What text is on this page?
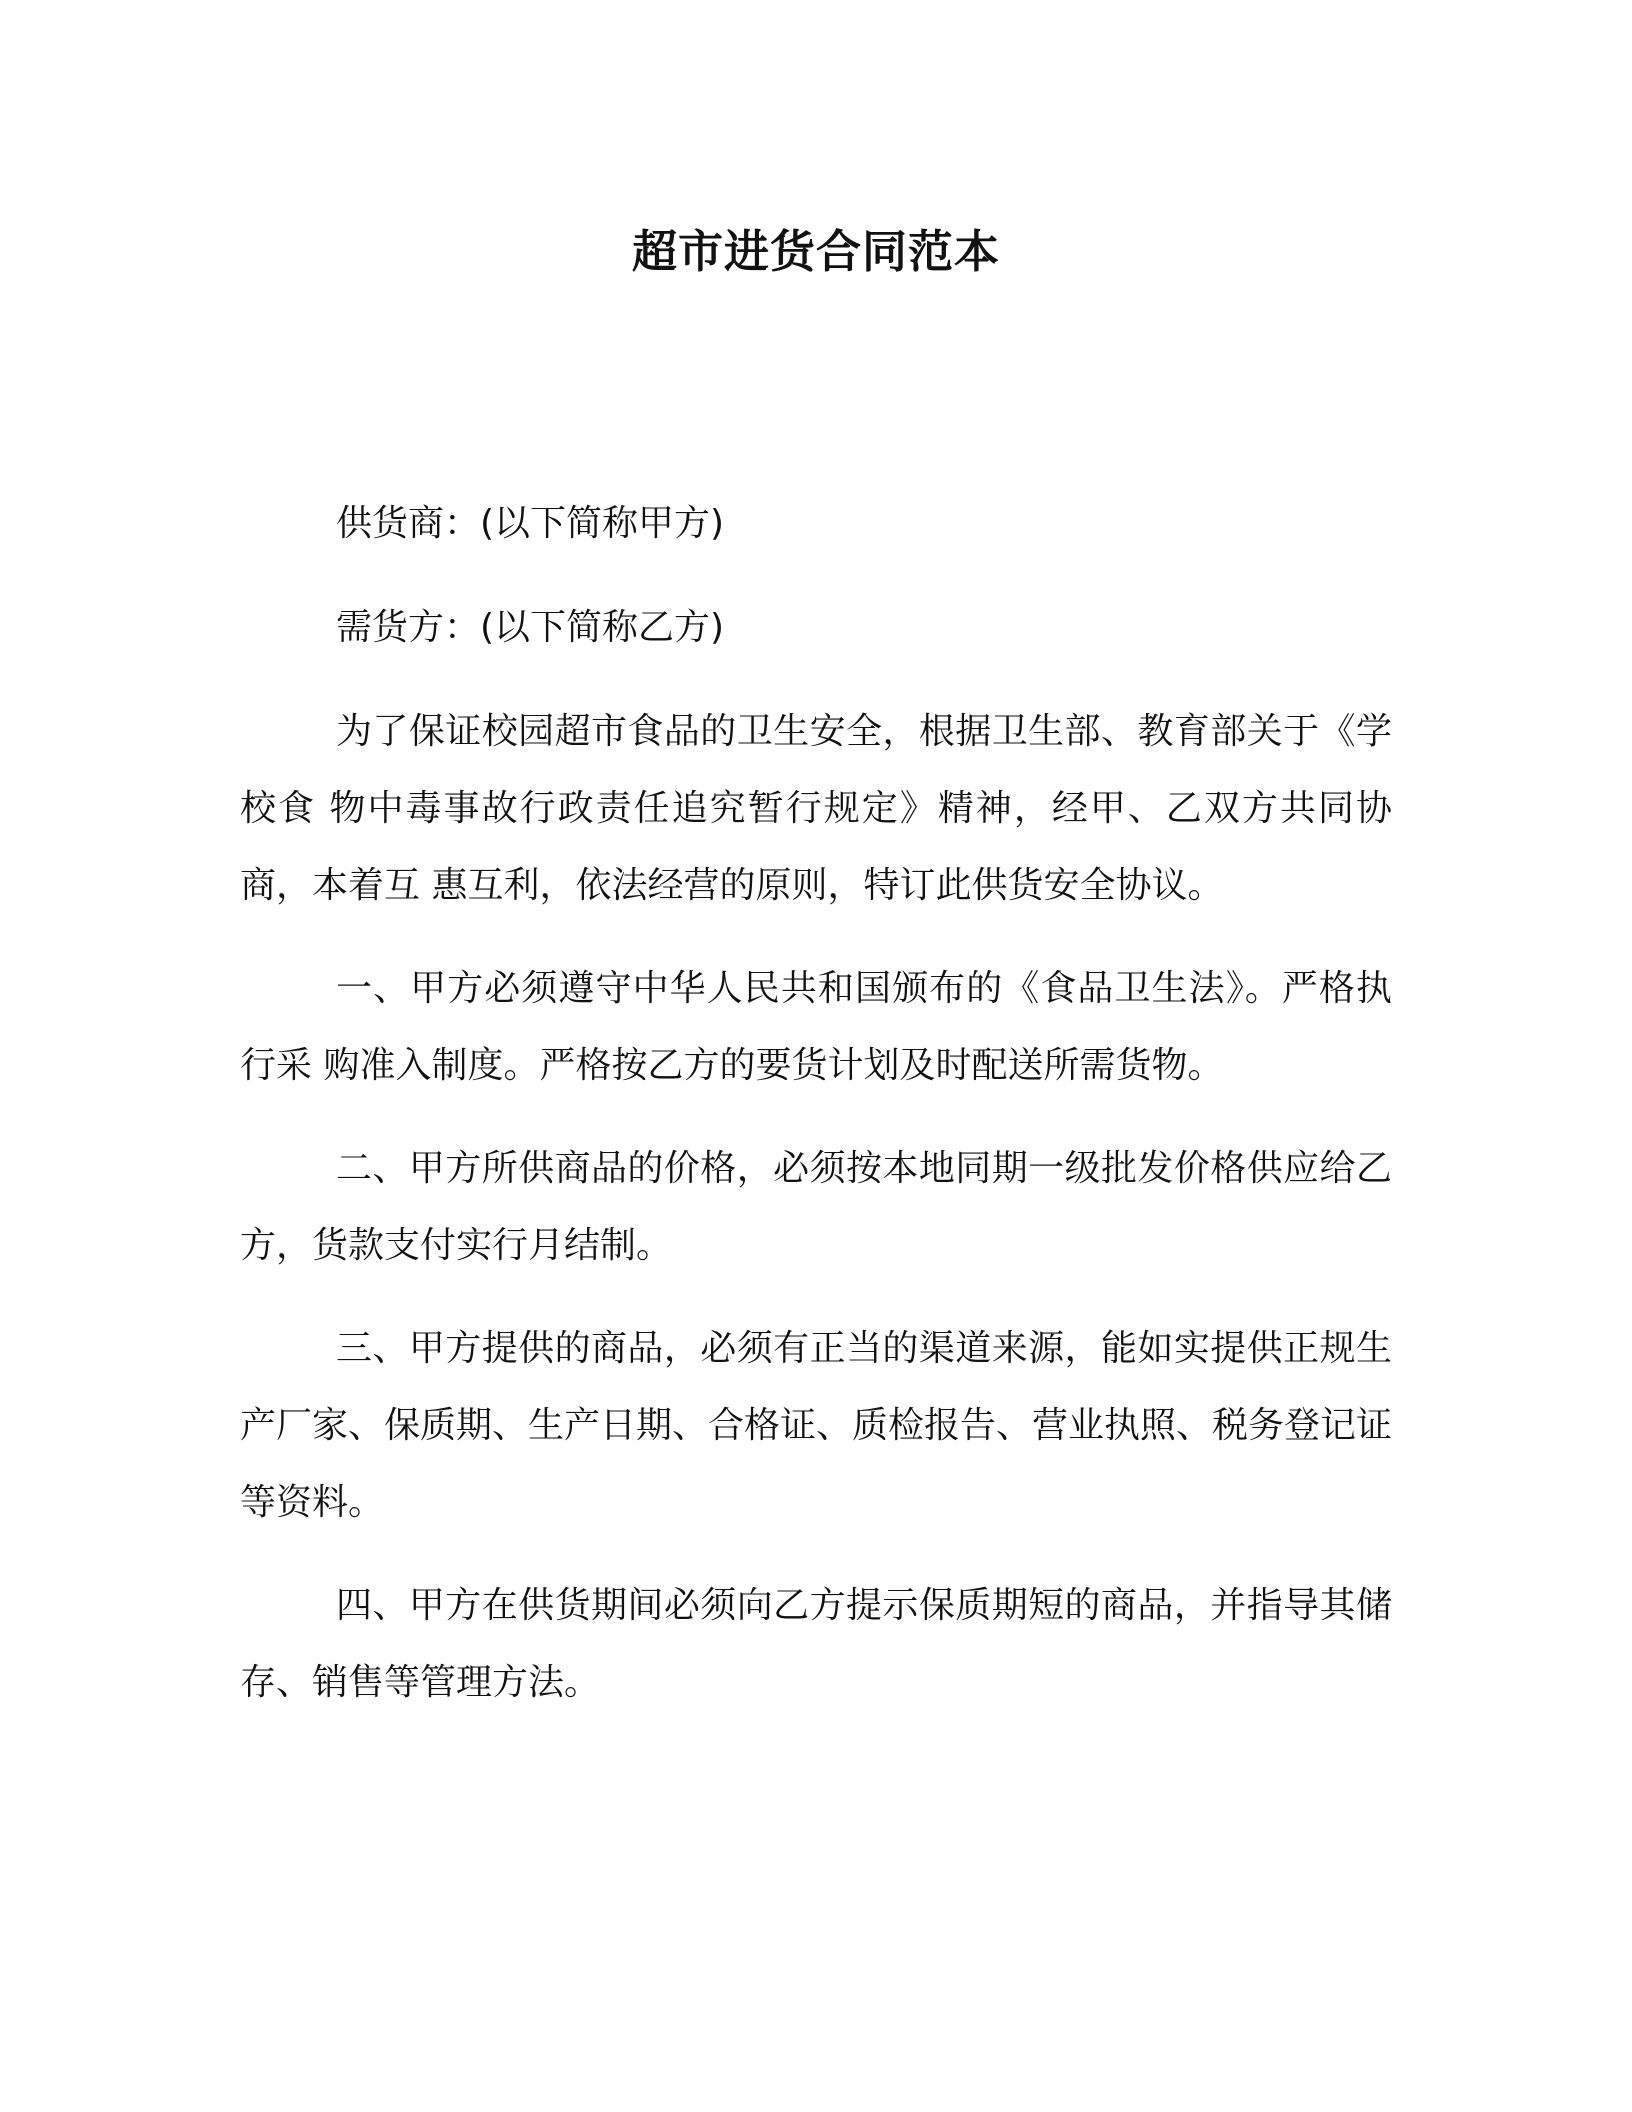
超市进货合同范本

供货商：(以下简称甲方)

需货方：(以下简称乙方)

为了保证校园超市食品的卫生安全，根据卫生部、教育部关于《学校食 物中毒事故行政责任追究暂行规定》精神，经甲、乙双方共同协商，本着互 惠互利，依法经营的原则，特订此供货安全协议。

一、甲方必须遵守中华人民共和国颁布的《食品卫生法》。严格执行采 购准入制度。严格按乙方的要货计划及时配送所需货物。

二、甲方所供商品的价格，必须按本地同期一级批发价格供应给乙方，货款支付实行月结制。

三、甲方提供的商品，必须有正当的渠道来源，能如实提供正规生产厂家、保质期、生产日期、合格证、质检报告、营业执照、税务登记证等资料。

四、甲方在供货期间必须向乙方提示保质期短的商品，并指导其储存、销售等管理方法。
